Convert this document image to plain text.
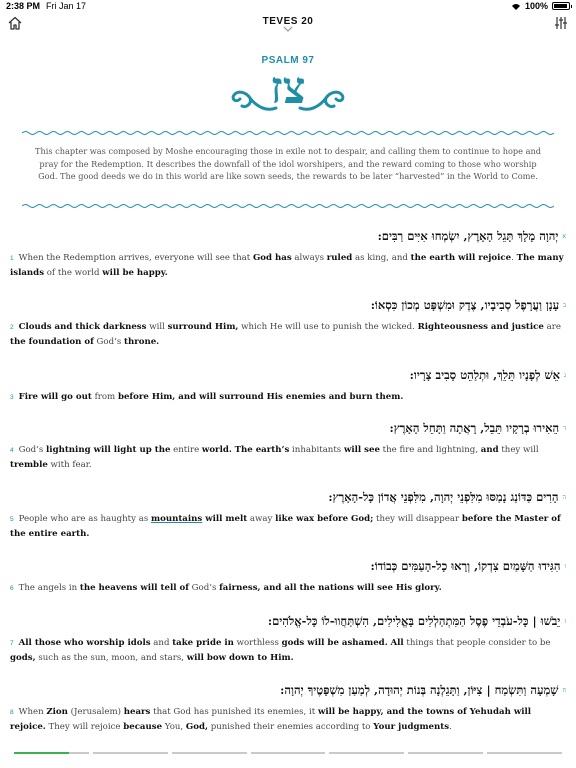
2:38 PM Fri Jan 17	100%
TEVES 20
PSALM 97
צז
This chapter was composed by Moshe encouraging those in exile not to despair, and calling them to continue to hope and pray for the Redemption. It describes the downfall of the idol worshipers, and the reward coming to those who worship God. The good deeds we do in this world are like sown seeds, the rewards to be later “harvested” in the World to Come.
איְהוָה מָלָךְ תָּגֵל הָאָרֶץ, יִשְׂמְחוּ אִיִּים רַבִּים:
1 When the Redemption arrives, everyone will see that God has always ruled as king, and the earth will rejoice. The many islands of the world will be happy.
בעָנָן וַעֲרָפֶל סְבִיבָיו, צֶדֶק וּמִשְׁפָּט מְכוֹן כִּסְאוֹ:
2 Clouds and thick darkness will surround Him, which He will use to punish the wicked. Righteousness and justice are the foundation of God’s throne.
גאֵשׁ לְפָנָיו תֵּלֵךְ, וּתְלַהֵט סָבִיב צָרָיו:
3 Fire will go out from before Him, and will surround His enemies and burn them.
דהֵאִירוּ בְרָקָיו תֵּבֵל, רָאֲתָה וַתָּחֵל הָאָרֶץ:
4 God’s lightning will light up the entire world. The earth’s inhabitants will see the fire and lightning, and they will tremble with fear.
ההָרִים כַּדּוֹנַג נָמַסּוּ מִלִּפְנֵי יְהוָה, מִלִּפְנֵי אֲדוֹן כָּל-הָאָרֶץ:
5 People who are as haughty as mountains will melt away like wax before God; they will disappear before the Master of the entire earth.
והִגִּידוּ הַשָּׁמַיִם צִדְקוֹ, וְרָאוּ כָל-הָעַמִּים כְּבוֹדוֹ:
6 The angels in the heavens will tell of God’s fairness, and all the nations will see His glory.
זיֵבֹשׁוּ | כָּל-עֹבְדֵי פֶסֶל הַמִּתְהַלְלִים בָּאֱלִילִים, הִשְׁתַּחֲווּ-לוֹ כָּל-אֱלֹהִים:
7 All those who worship idols and take pride in worthless gods will be ashamed. All things that people consider to be gods, such as the sun, moon, and stars, will bow down to Him.
חשָׁמְעָה וַתִּשְׂמַח | צִיּוֹן, וַתָּגֵלְנָה בְּנוֹת יְהוּדָה, לְמַעַן מִשְׁפָּטֶיךָ יְהוָה:
8 When Zion (Jerusalem) hears that God has punished its enemies, it will be happy, and the towns of Yehudah will rejoice. They will rejoice because You, God, punished their enemies according to Your judgments.
